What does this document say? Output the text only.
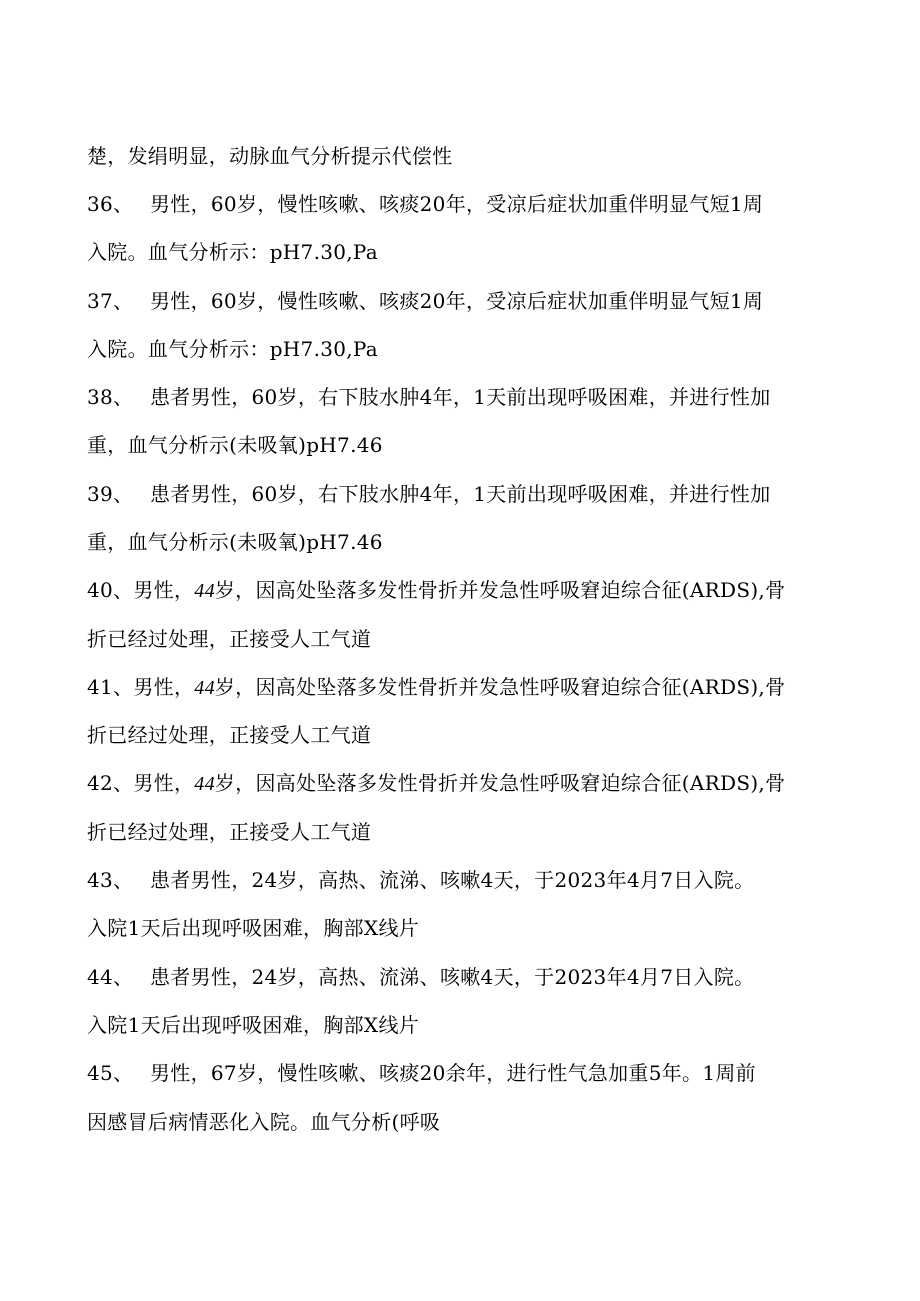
楚，发绢明显，动脉血气分析提示代偿性
36、 男性，60岁，慢性咳嗽、咳痰20年，受凉后症状加重伴明显气短1周
入院。血气分析示：pH7.30,Pa
37、 男性，60岁，慢性咳嗽、咳痰20年，受凉后症状加重伴明显气短1周
入院。血气分析示：pH7.30,Pa
38、 患者男性，60岁，右下肢水肿4年，1天前出现呼吸困难，并进行性加
重，血气分析示(未吸氧)pH7.46
39、 患者男性，60岁，右下肢水肿4年，1天前出现呼吸困难，并进行性加
重，血气分析示(未吸氧)pH7.46
40、男性，44岁，因高处坠落多发性骨折并发急性呼吸窘迫综合征(ARDS),骨
折已经过处理，正接受人工气道
41、男性，44岁，因高处坠落多发性骨折并发急性呼吸窘迫综合征(ARDS),骨
折已经过处理，正接受人工气道
42、男性，44岁，因高处坠落多发性骨折并发急性呼吸窘迫综合征(ARDS),骨
折已经过处理，正接受人工气道
43、 患者男性，24岁，高热、流涕、咳嗽4天，于2023年4月7日入院。
入院1天后出现呼吸困难，胸部X线片
44、 患者男性，24岁，高热、流涕、咳嗽4天，于2023年4月7日入院。
入院1天后出现呼吸困难，胸部X线片
45、 男性，67岁，慢性咳嗽、咳痰20余年，进行性气急加重5年。1周前
因感冒后病情恶化入院。血气分析(呼吸
